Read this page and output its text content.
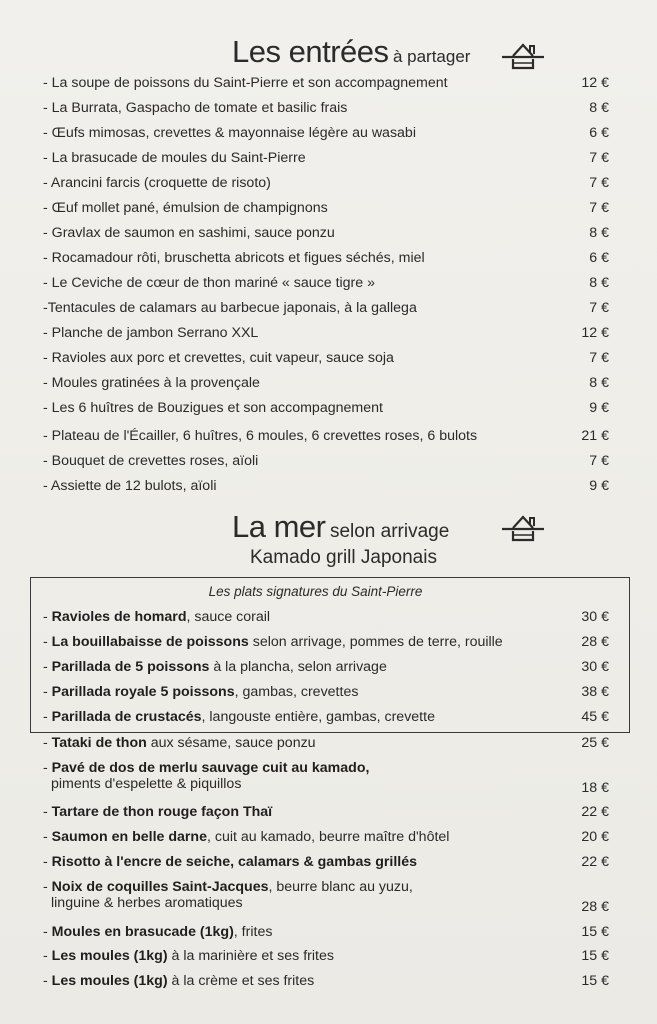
Les entrées à partager
- La soupe de poissons du Saint-Pierre et son accompagnement	12 €
- La Burrata, Gaspacho de tomate et basilic frais	8 €
- Œufs mimosas, crevettes & mayonnaise légère au wasabi	6 €
- La brasucade de moules du Saint-Pierre	7 €
- Arancini farcis (croquette de risoto)	7 €
- Œuf mollet pané, émulsion de champignons	7 €
- Gravlax de saumon en sashimi, sauce ponzu	8 €
- Rocamadour rôti, bruschetta abricots et figues séchés, miel	6 €
- Le Ceviche de cœur de thon mariné « sauce tigre »	8 €
-Tentacules de calamars au barbecue japonais, à la gallega	7 €
- Planche de jambon Serrano XXL	12 €
- Ravioles aux porc et crevettes, cuit vapeur, sauce soja	7 €
- Moules gratinées à la provençale	8 €
- Les 6 huîtres de Bouzigues et son accompagnement	9 €
- Plateau de l'Écailler, 6 huîtres, 6 moules, 6 crevettes roses, 6 bulots	21 €
- Bouquet de crevettes roses, aïoli	7 €
- Assiette de 12 bulots, aïoli	9 €
La mer selon arrivage
Kamado grill Japonais
Les plats signatures du Saint-Pierre
- Ravioles de homard, sauce corail	30 €
- La bouillabaisse de poissons selon arrivage, pommes de terre, rouille	28 €
- Parillada de 5 poissons à la plancha, selon arrivage	30 €
- Parillada royale 5 poissons, gambas, crevettes	38 €
- Parillada de crustacés, langouste entière, gambas, crevette	45 €
- Tataki de thon aux sésame, sauce ponzu	25 €
- Pavé de dos de merlu sauvage cuit au kamado,
piments d'espelette & piquillos	18 €
- Tartare de thon rouge façon Thaï	22 €
- Saumon en belle darne, cuit au kamado, beurre maître d'hôtel	20 €
- Risotto à l'encre de seiche, calamars & gambas grillés	22 €
- Noix de coquilles Saint-Jacques, beurre blanc au yuzu,
linguine & herbes aromatiques	28 €
- Moules en brasucade (1kg), frites	15 €
- Les moules (1kg) à la marinière et ses frites	15 €
- Les moules (1kg) à la crème et ses frites	15 €
